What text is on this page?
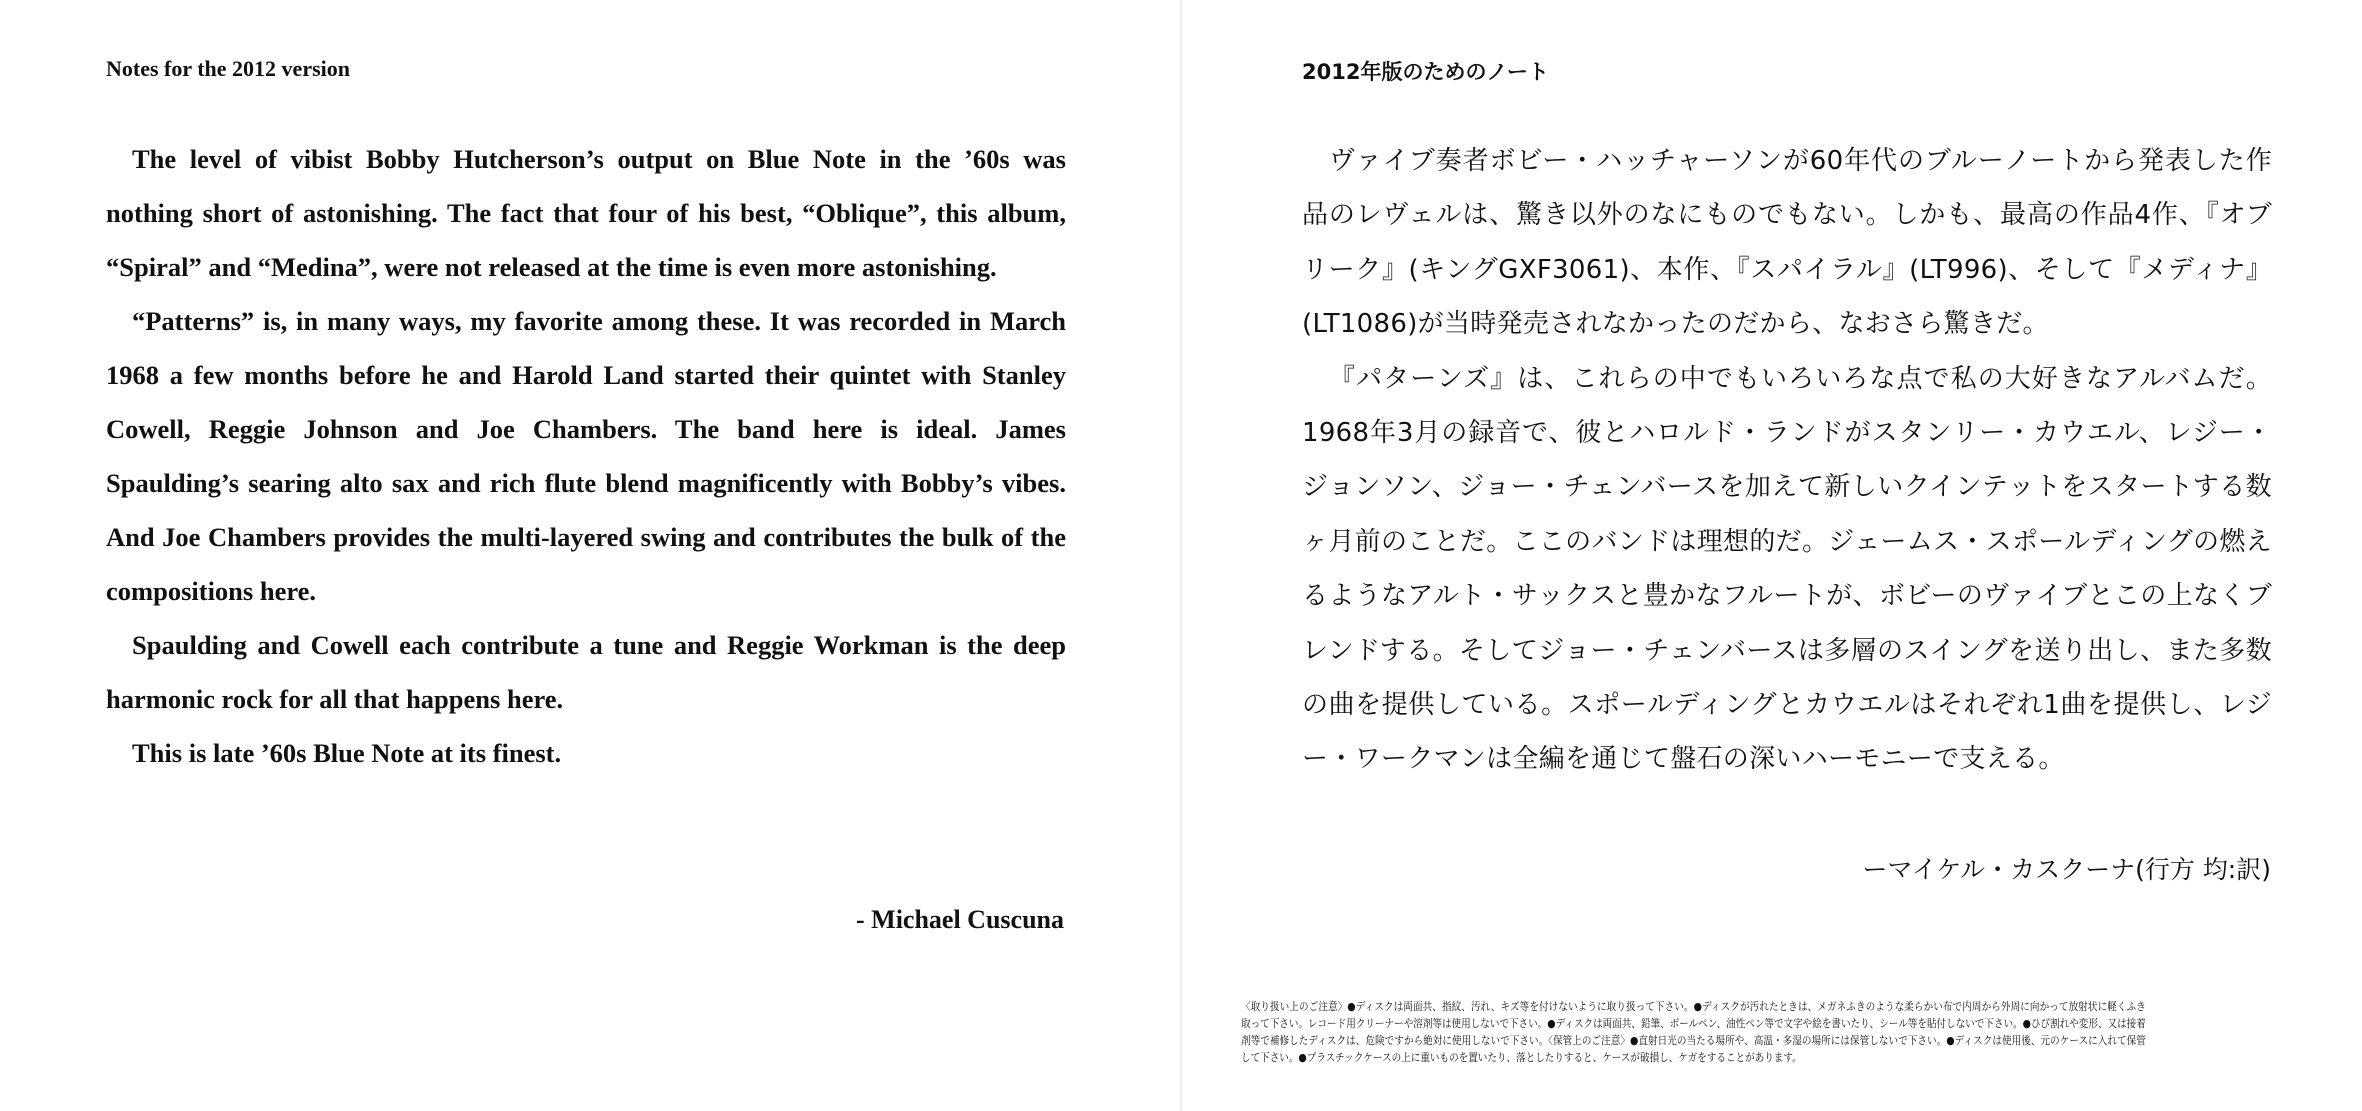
Notes for the 2012 version

The level of vibist Bobby Hutcherson’s output on Blue Note in the ’60s was nothing short of astonishing. The fact that four of his best, “Oblique”, this album, “Spiral” and “Medina”, were not released at the time is even more astonishing.

“Patterns” is, in many ways, my favorite among these. It was recorded in March 1968 a few months before he and Harold Land started their quintet with Stanley Cowell, Reggie Johnson and Joe Chambers. The band here is ideal. James Spaulding’s searing alto sax and rich flute blend magnificently with Bobby’s vibes. And Joe Chambers provides the multi-layered swing and contributes the bulk of the compositions here.

Spaulding and Cowell each contribute a tune and Reggie Workman is the deep harmonic rock for all that happens here.

This is late ’60s Blue Note at its finest.

- Michael Cuscuna

2012年版のためのノート

ヴァイブ奏者ボビー・ハッチャーソンが60年代のブルーノートから発表した作品のレヴェルは、驚き以外のなにものでもない。しかも、最高の作品4作、『オブリーク』(キングGXF3061)、本作、『スパイラル』(LT996)、そして『メディナ』(LT1086)が当時発売されなかったのだから、なおさら驚きだ。

『パターンズ』は、これらの中でもいろいろな点で私の大好きなアルバムだ。1968年3月の録音で、彼とハロルド・ランドがスタンリー・カウエル、レジー・ジョンソン、ジョー・チェンバースを加えて新しいクインテットをスタートする数ヶ月前のことだ。ここのバンドは理想的だ。ジェームス・スポールディングの燃えるようなアルト・サックスと豊かなフルートが、ボビーのヴァイブとこの上なくブレンドする。そしてジョー・チェンバースは多層のスイングを送り出し、また多数の曲を提供している。スポールディングとカウエルはそれぞれ1曲を提供し、レジー・ワークマンは全編を通じて盤石の深いハーモニーで支える。

ーマイケル・カスクーナ(行方 均:訳)

〈取り扱い上のご注意〉●ディスクは両面共、指紋、汚れ、キズ等を付けないように取り扱って下さい。●ディスクが汚れたときは、メガネふきのような柔らかい布で内周から外周に向かって放射状に軽くふき取って下さい。レコード用クリーナーや溶剤等は使用しないで下さい。●ディスクは両面共、鉛筆、ボールペン、油性ペン等で文字や絵を書いたり、シール等を貼付しないで下さい。●ひび割れや変形、又は接着剤等で補修したディスクは、危険ですから絶対に使用しないで下さい。〈保管上のご注意〉●直射日光の当たる場所や、高温・多湿の場所には保管しないで下さい。●ディスクは使用後、元のケースに入れて保管して下さい。●プラスチックケースの上に重いものを置いたり、落としたりすると、ケースが破損し、ケガをすることがあります。
